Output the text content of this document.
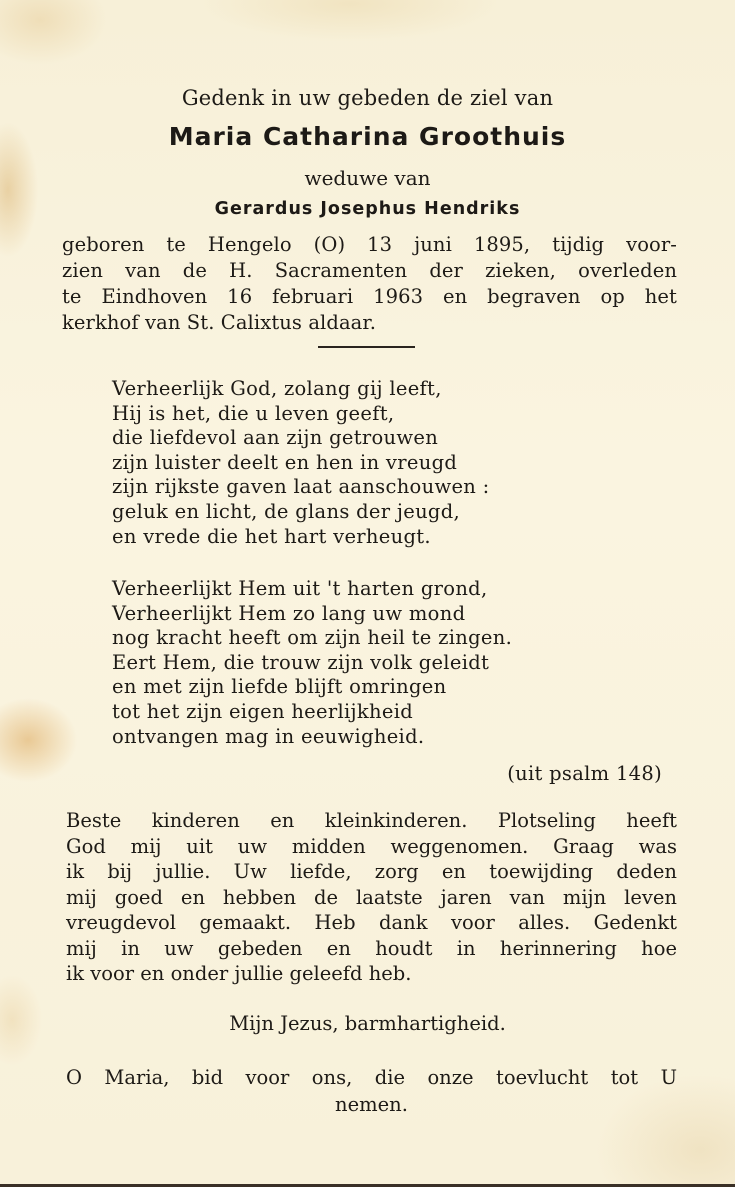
Gedenk in uw gebeden de ziel van
Maria Catharina Groothuis
weduwe van
Gerardus Josephus Hendriks
geboren te Hengelo (O) 13 juni 1895, tijdig voor-
zien van de H. Sacramenten der zieken, overleden
te Eindhoven 16 februari 1963 en begraven op het
kerkhof van St. Calixtus aldaar.
Verheerlijk God, zolang gij leeft,
Hij is het, die u leven geeft,
die liefdevol aan zijn getrouwen
zijn luister deelt en hen in vreugd
zijn rijkste gaven laat aanschouwen :
geluk en licht, de glans der jeugd,
en vrede die het hart verheugt.
Verheerlijkt Hem uit 't harten grond,
Verheerlijkt Hem zo lang uw mond
nog kracht heeft om zijn heil te zingen.
Eert Hem, die trouw zijn volk geleidt
en met zijn liefde blijft omringen
tot het zijn eigen heerlijkheid
ontvangen mag in eeuwigheid.
(uit psalm 148)
Beste kinderen en kleinkinderen. Plotseling heeft
God mij uit uw midden weggenomen. Graag was
ik bij jullie. Uw liefde, zorg en toewijding deden
mij goed en hebben de laatste jaren van mijn leven
vreugdevol gemaakt. Heb dank voor alles. Gedenkt
mij in uw gebeden en houdt in herinnering hoe
ik voor en onder jullie geleefd heb.
Mijn Jezus, barmhartigheid.
O Maria, bid voor ons, die onze toevlucht tot U
nemen.
